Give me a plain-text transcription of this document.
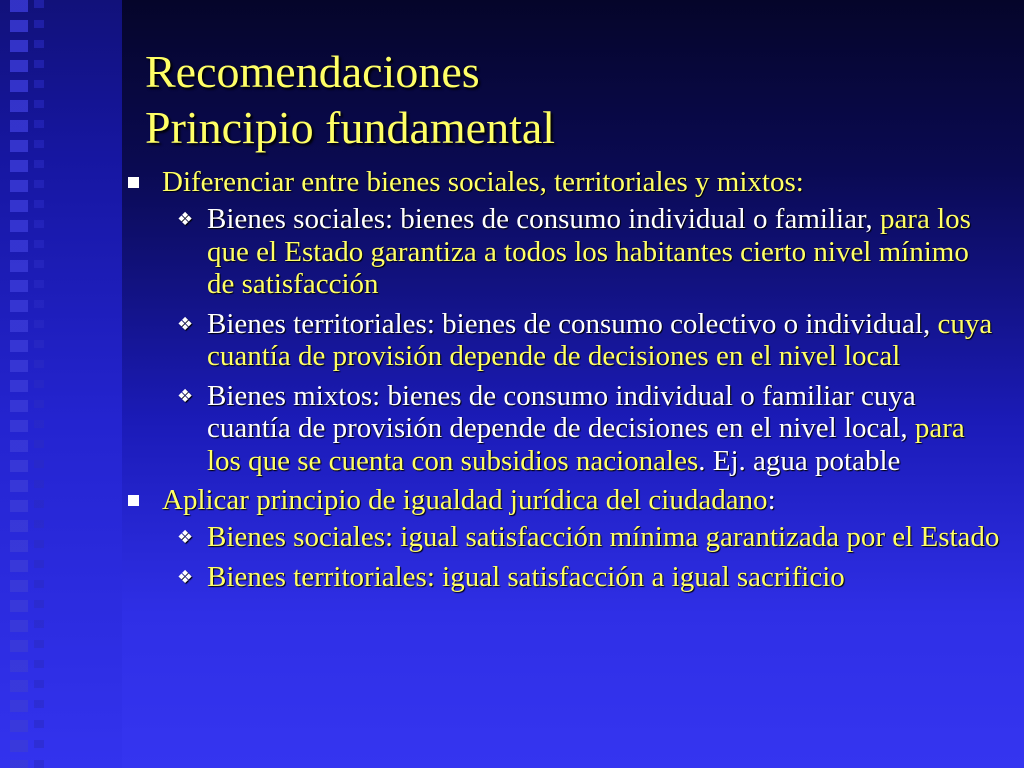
Recomendaciones
Principio fundamental
Diferenciar entre bienes sociales, territoriales y mixtos:
❖ Bienes sociales: bienes de consumo individual o familiar, para los que el Estado garantiza a todos los habitantes cierto nivel mínimo de satisfacción
❖ Bienes territoriales: bienes de consumo colectivo o individual, cuya cuantía de provisión depende de decisiones en el nivel local
❖ Bienes mixtos: bienes de consumo individual o familiar cuya cuantía de provisión depende de decisiones en el nivel local, para los que se cuenta con subsidios nacionales. Ej. agua potable
Aplicar principio de igualdad jurídica del ciudadano:
❖ Bienes sociales: igual satisfacción mínima garantizada por el Estado
❖ Bienes territoriales: igual satisfacción a igual sacrificio
